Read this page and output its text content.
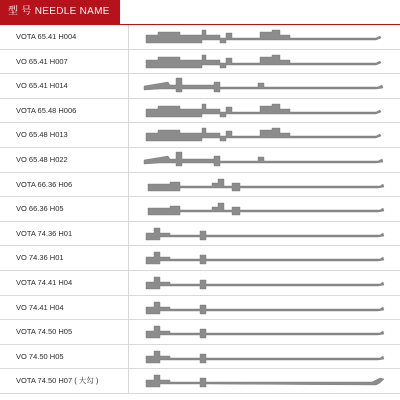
型 号 NEEDLE NAME
VOTA 65.41 H004
VO 65.41 H007
VO 65.41 H014
VOTA 65.48 H006
VO 65.48 H013
VO 65.48 H022
VOTA 66.36 H06
VO 66.36 H05
VOTA 74.36 H01
VO 74.36 H01
VOTA 74.41 H04
VO 74.41 H04
VOTA 74.50 H05
VO 74.50 H05
VOTA 74.50 H07 ( 大勾 )
